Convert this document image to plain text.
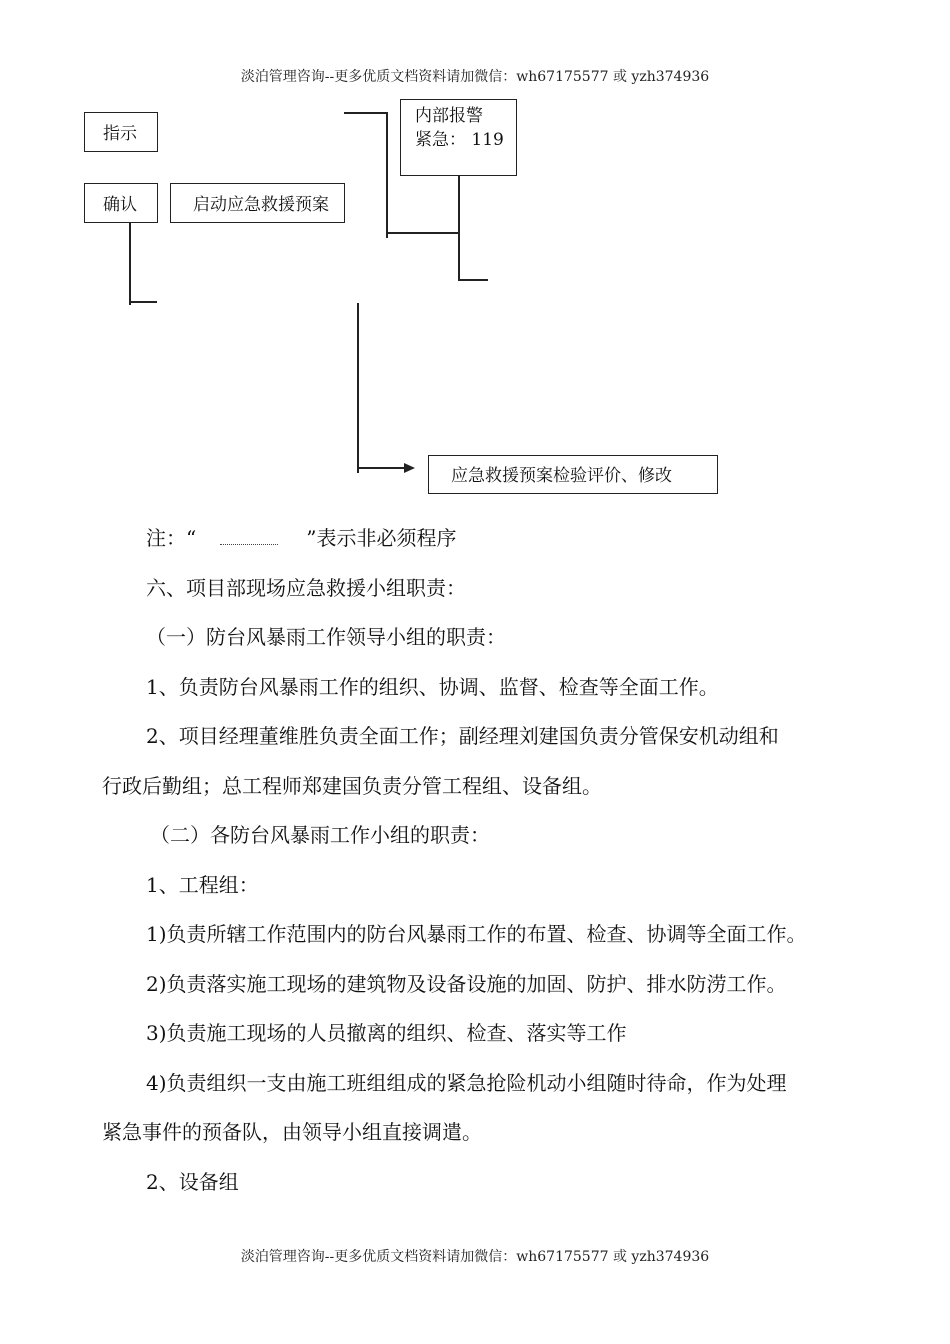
淡泊管理咨询--更多优质文档资料请加微信：wh67175577 或 yzh374936
指示
确认	启动应急救援预案
内部报警
紧急： 119
应急救援预案检验评价、修改
注：“	”表示非必须程序
六、项目部现场应急救援小组职责：
（一）防台风暴雨工作领导小组的职责：
1、负责防台风暴雨工作的组织、协调、监督、检查等全面工作。
2、项目经理董维胜负责全面工作；副经理刘建国负责分管保安机动组和
行政后勤组；总工程师郑建国负责分管工程组、设备组。
（二）各防台风暴雨工作小组的职责：
1、工程组：
1)负责所辖工作范围内的防台风暴雨工作的布置、检查、协调等全面工作。
2)负责落实施工现场的建筑物及设备设施的加固、防护、排水防涝工作。
3)负责施工现场的人员撤离的组织、检查、落实等工作
4)负责组织一支由施工班组组成的紧急抢险机动小组随时待命，作为处理
紧急事件的预备队，由领导小组直接调遣。
2、设备组
淡泊管理咨询--更多优质文档资料请加微信：wh67175577 或 yzh374936
